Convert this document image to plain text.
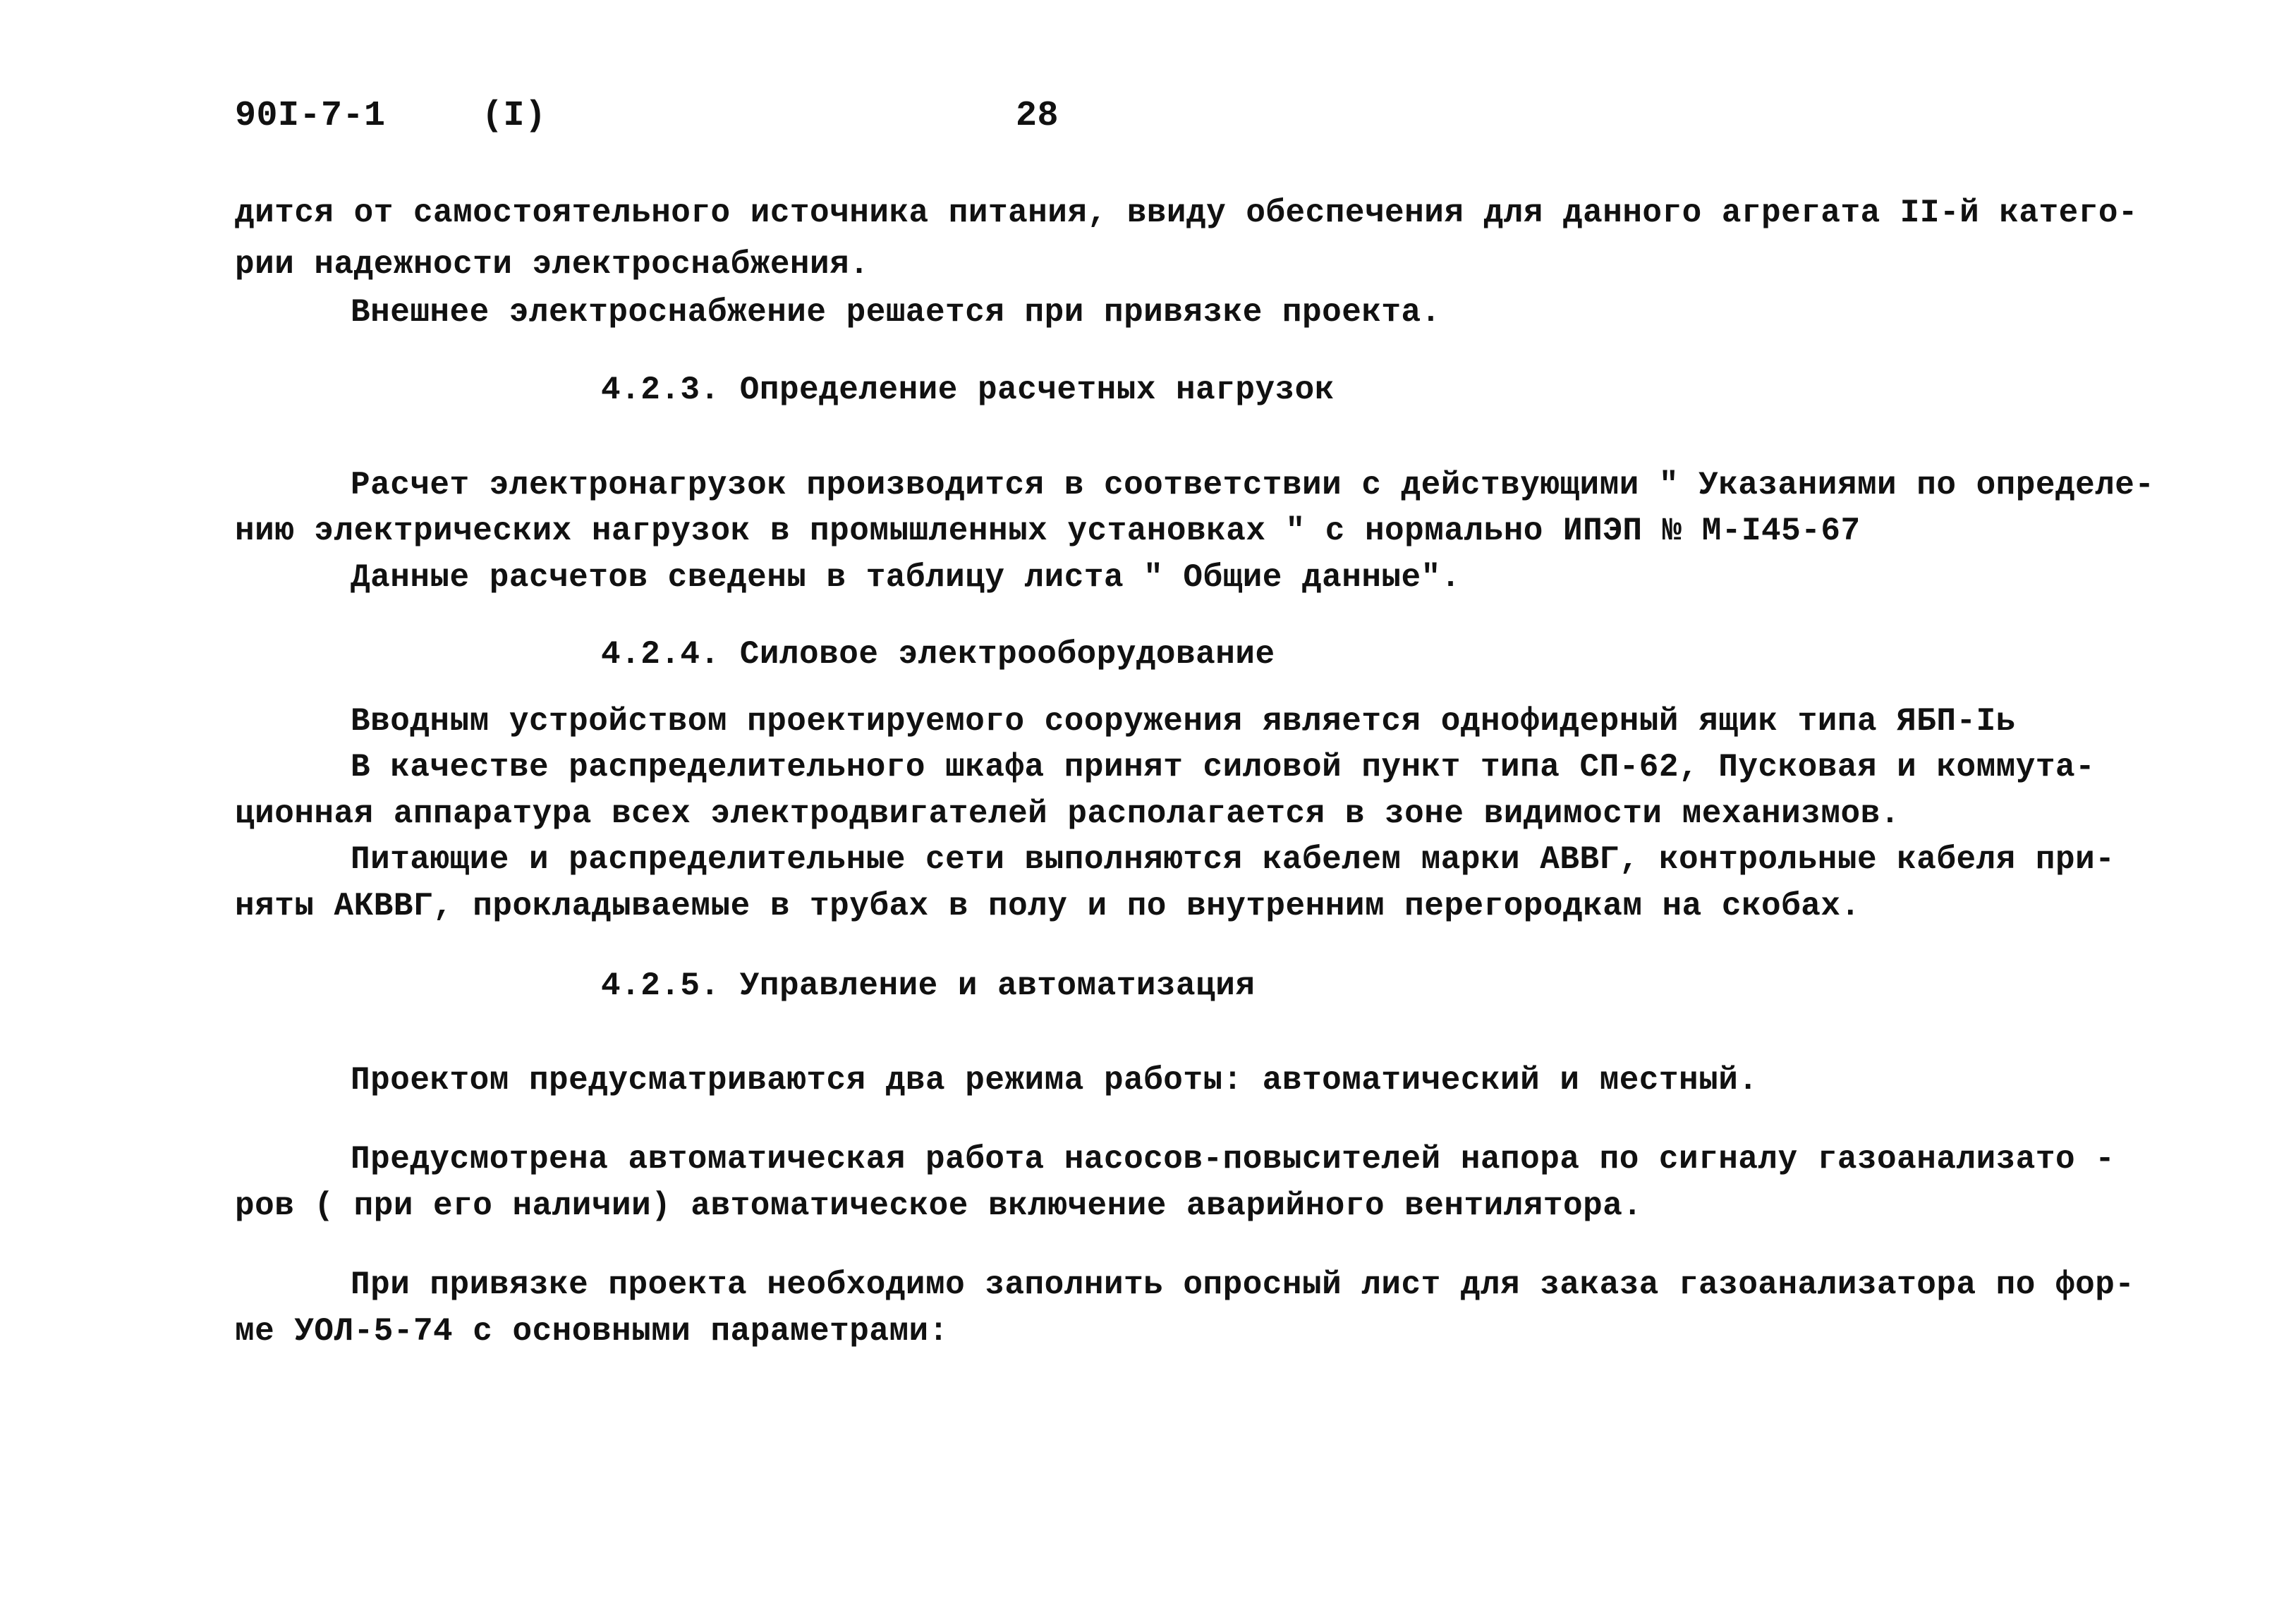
90I-7-1	(I)	28
дится от самостоятельного источника питания, ввиду обеспечения для данного агрегата II-й катего-
рии надежности электроснабжения.
Внешнее электроснабжение решается при привязке проекта.
4.2.3. Определение расчетных нагрузок
Расчет электронагрузок производится в соответствии с действующими " Указаниями по определе-
нию электрических нагрузок в промышленных установках " с нормально ИПЭП № М-I45-67
Данные расчетов сведены в таблицу листа " Общие данные".
4.2.4. Силовое электрооборудование
Вводным устройством проектируемого сооружения является однофидерный ящик типа ЯБП-Iь
В качестве распределительного шкафа принят силовой пункт типа СП-62, Пусковая и коммута-
ционная аппаратура всех электродвигателей располагается в зоне видимости механизмов.
Питающие и распределительные сети выполняются кабелем марки АВВГ, контрольные кабеля при-
няты АКВВГ, прокладываемые в трубах в полу и по внутренним перегородкам на скобах.
4.2.5. Управление и автоматизация
Проектом предусматриваются два режима работы: автоматический и местный.
Предусмотрена автоматическая работа насосов-повысителей напора по сигналу газоанализато -
ров ( при его наличии) автоматическое включение аварийного вентилятора.
При привязке проекта необходимо заполнить опросный лист для заказа газоанализатора по фор-
ме УОЛ-5-74 с основными параметрами:
